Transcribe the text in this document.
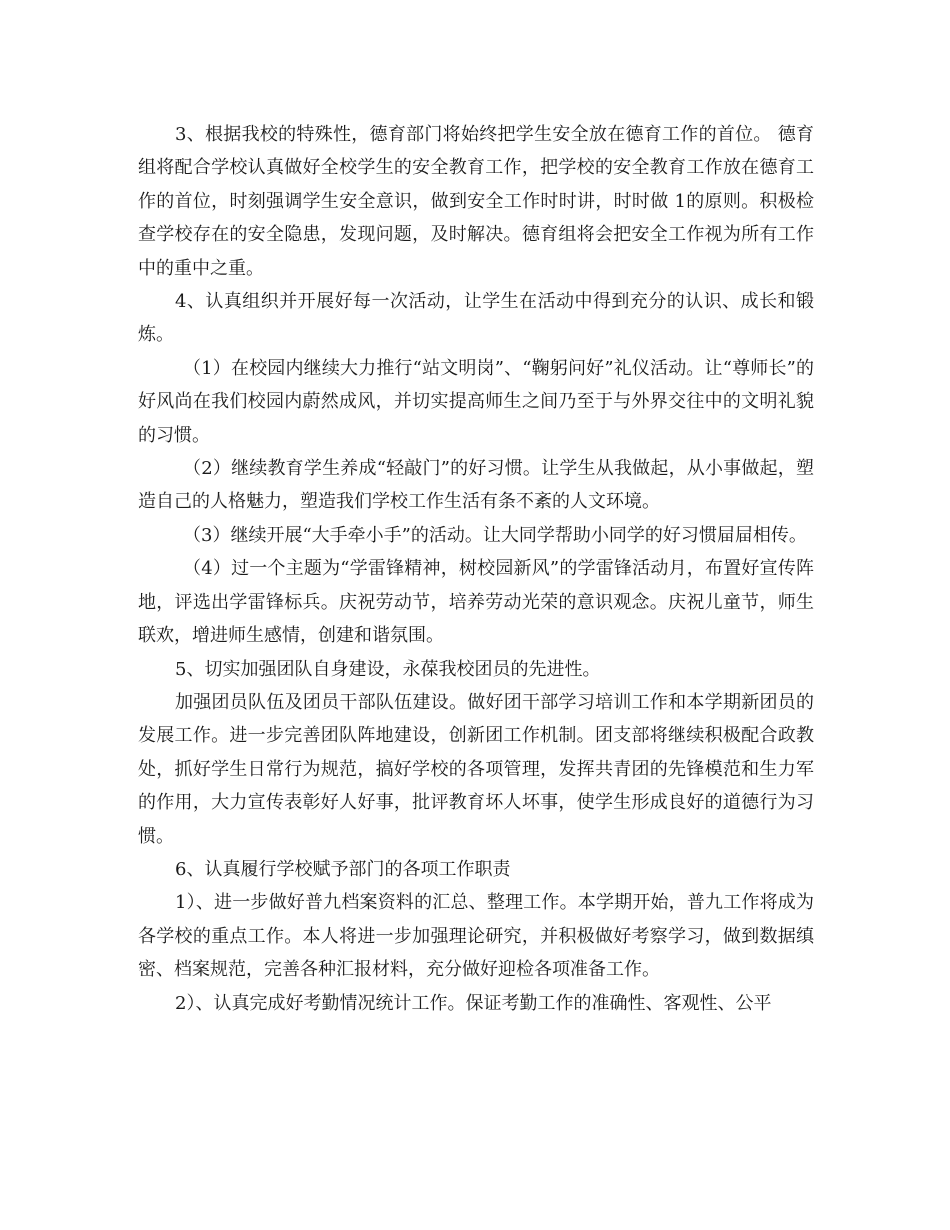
3、根据我校的特殊性，德育部门将始终把学生安全放在德育工作的首位。 德育组将配合学校认真做好全校学生的安全教育工作，把学校的安全教育工作放在德育工作的首位，时刻强调学生安全意识，做到安全工作时时讲，时时做 1的原则。积极检查学校存在的安全隐患，发现问题，及时解决。德育组将会把安全工作视为所有工作中的重中之重。

4、认真组织并开展好每一次活动，让学生在活动中得到充分的认识、成长和锻炼。

（1）在校园内继续大力推行“站文明岗”、“鞠躬问好”礼仪活动。让“尊师长”的好风尚在我们校园内蔚然成风，并切实提高师生之间乃至于与外界交往中的文明礼貌的习惯。

（2）继续教育学生养成“轻敲门”的好习惯。让学生从我做起，从小事做起，塑造自己的人格魅力，塑造我们学校工作生活有条不紊的人文环境。

（3）继续开展“大手牵小手”的活动。让大同学帮助小同学的好习惯屇屇相传。

（4）过一个主题为“学雷锋精神，树校园新风”的学雷锋活动月，布置好宣传阵地，评选出学雷锋标兵。庆祝劳动节，培养劳动光荣的意识观念。庆祝儿童节，师生联欢，增进师生感情，创建和谐氛围。

5、切实加强团队自身建设，永葆我校团员的先进性。

加强团员队伍及团员干部队伍建设。做好团干部学习培训工作和本学期新团员的发展工作。进一步完善团队阵地建设，创新团工作机制。团支部将继续积极配合政教处，抓好学生日常行为规范，搞好学校的各项管理，发挥共青团的先锋模范和生力军的作用，大力宣传表彰好人好事，批评教育坏人坏事，使学生形成良好的道德行为习惯。

6、认真履行学校赋予部门的各项工作职责

1）、进一步做好普九档案资料的汇总、整理工作。本学期开始，普九工作将成为各学校的重点工作。本人将进一步加强理论研究，并积极做好考察学习，做到数据缜密、档案规范，完善各种汇报材料，充分做好迎检各项准备工作。

2）、认真完成好考勤情况统计工作。保证考勤工作的准确性、客观性、公平
